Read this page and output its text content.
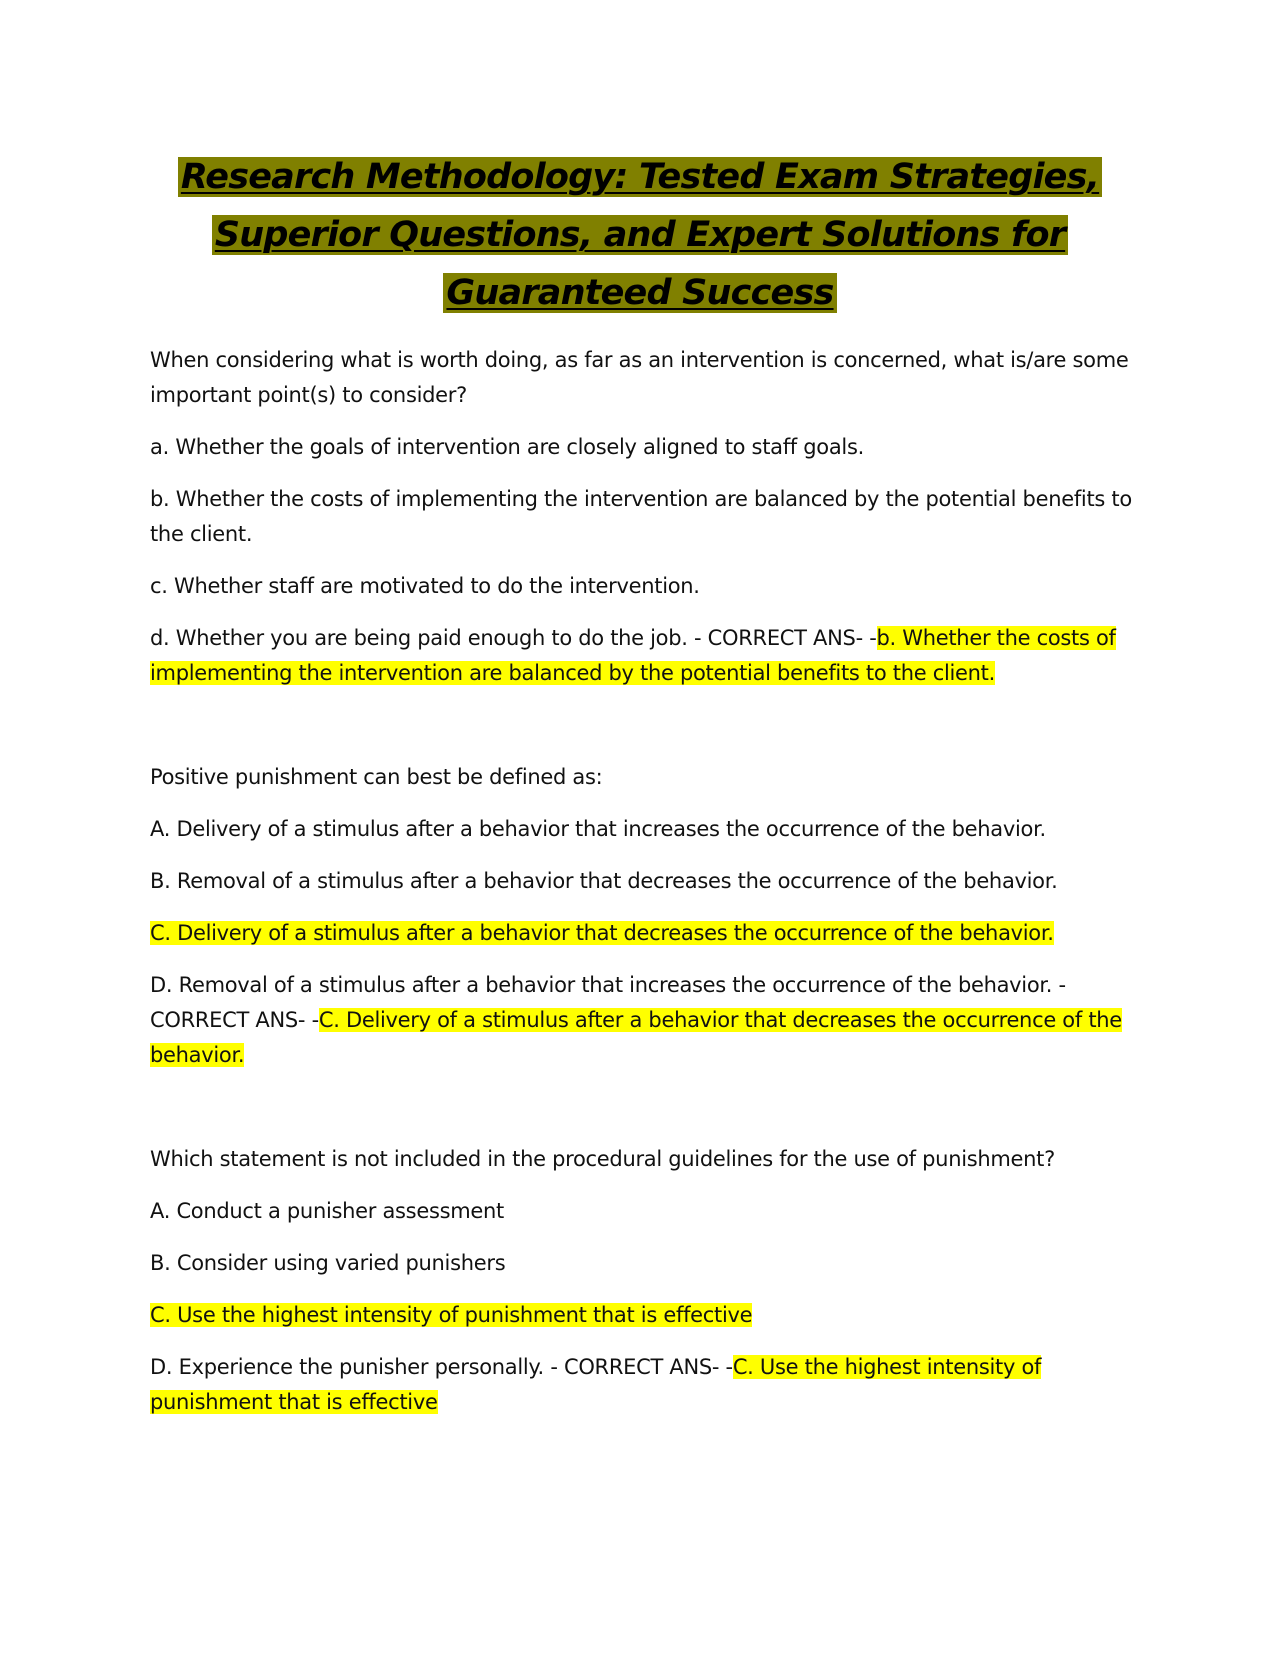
Research Methodology: Tested Exam Strategies,
Superior Questions, and Expert Solutions for
Guaranteed Success

When considering what is worth doing, as far as an intervention is concerned, what is/are some important point(s) to consider?

a. Whether the goals of intervention are closely aligned to staff goals.

b. Whether the costs of implementing the intervention are balanced by the potential benefits to the client.

c. Whether staff are motivated to do the intervention.

d. Whether you are being paid enough to do the job. - CORRECT ANS- -b. Whether the costs of implementing the intervention are balanced by the potential benefits to the client.

Positive punishment can best be defined as:

A. Delivery of a stimulus after a behavior that increases the occurrence of the behavior.

B. Removal of a stimulus after a behavior that decreases the occurrence of the behavior.

C. Delivery of a stimulus after a behavior that decreases the occurrence of the behavior.

D. Removal of a stimulus after a behavior that increases the occurrence of the behavior. - CORRECT ANS- -C. Delivery of a stimulus after a behavior that decreases the occurrence of the behavior.

Which statement is not included in the procedural guidelines for the use of punishment?

A. Conduct a punisher assessment

B. Consider using varied punishers

C. Use the highest intensity of punishment that is effective

D. Experience the punisher personally. - CORRECT ANS- -C. Use the highest intensity of punishment that is effective
